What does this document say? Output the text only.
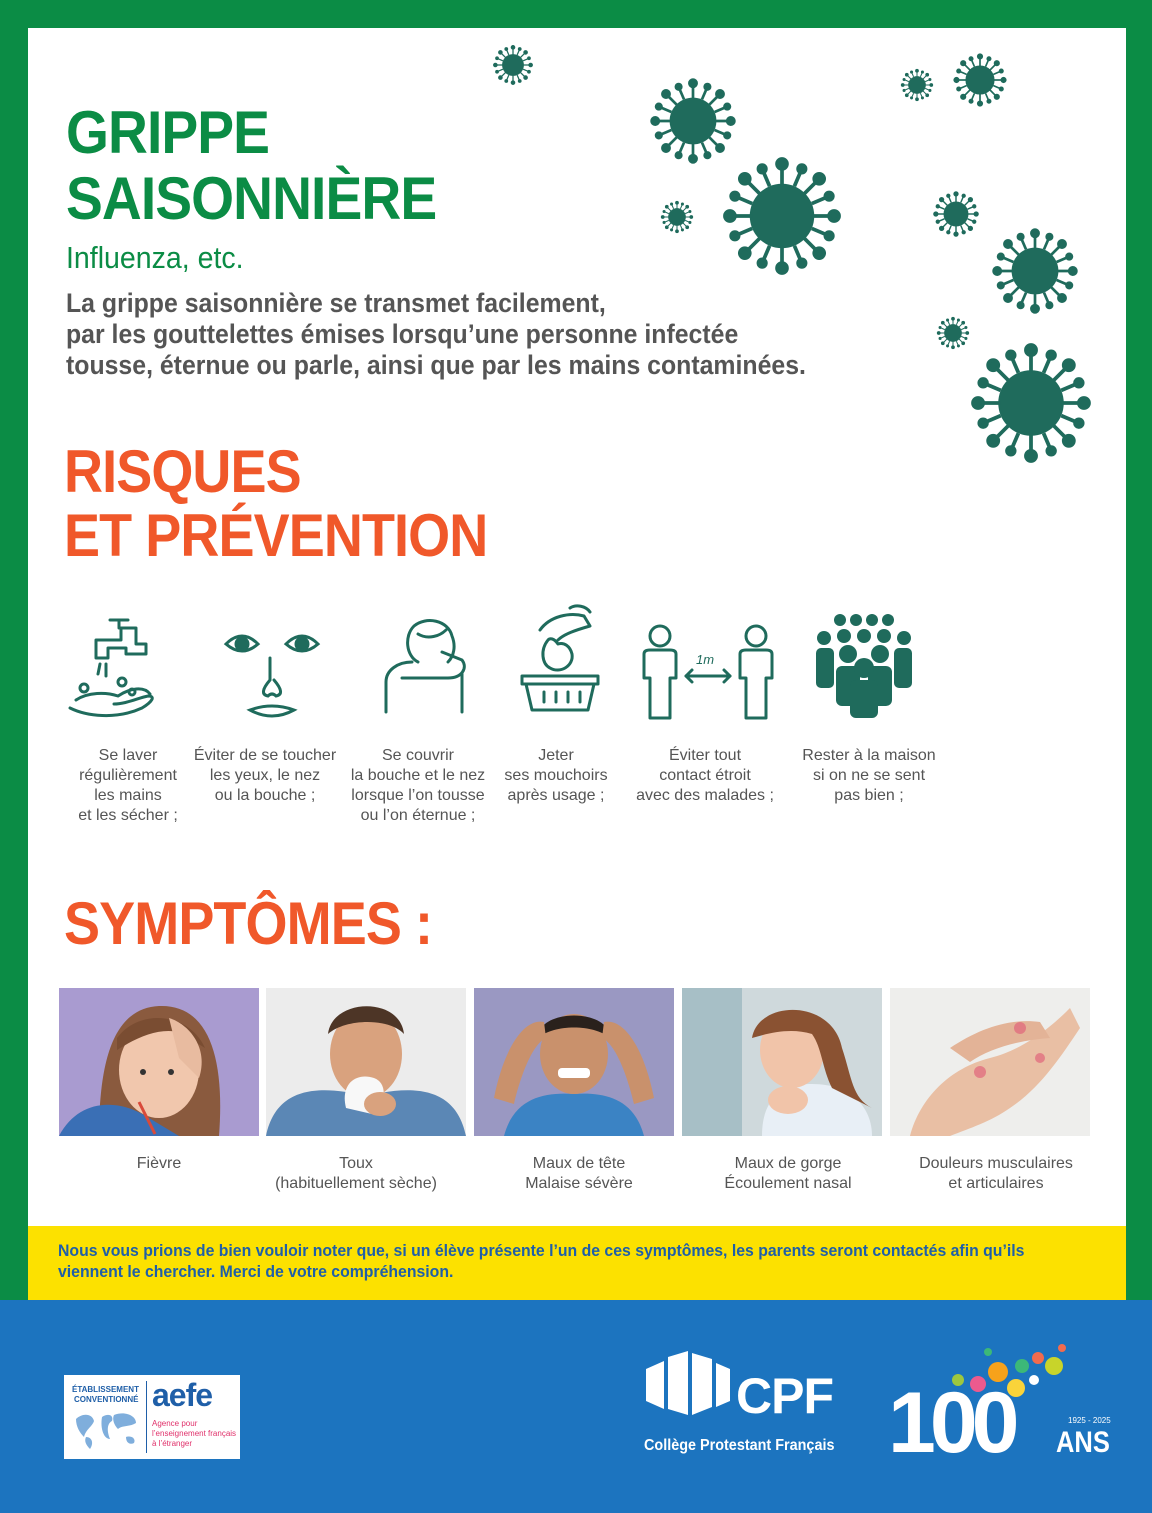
GRIPPE
SAISONNIÈRE
Influenza, etc.

La grippe saisonnière se transmet facilement,
par les gouttelettes émises lorsqu’une personne infectée
tousse, éternue ou parle, ainsi que par les mains contaminées.

RISQUES
ET PRÉVENTION
1m
Se laver
régulièrement
les mains
et les sécher ;
Éviter de se toucher
les yeux, le nez
ou la bouche ;
Se couvrir
la bouche et le nez
lorsque l’on tousse
ou l’on éternue ;
Jeter
ses mouchoirs
après usage ;
Éviter tout
contact étroit
avec des malades ;
Rester à la maison
si on ne se sent
pas bien ;
SYMPTÔMES :
Fièvre	Toux
(habituellement sèche)
Maux de tête
Malaise sévère
Maux de gorge
Écoulement nasal
Douleurs musculaires
et articulaires

Nous vous prions de bien vouloir noter que, si un élève présente l’un de ces symptômes, les parents seront contactés afin qu’ils viennent le chercher. Merci de votre compréhension.

ÉTABLISSEMENT
CONVENTIONNÉ aefe
Agence pour
l’enseignement français
à l’étranger
CPF
Collège Protestant Français 100	1925 - 2025
ANS
